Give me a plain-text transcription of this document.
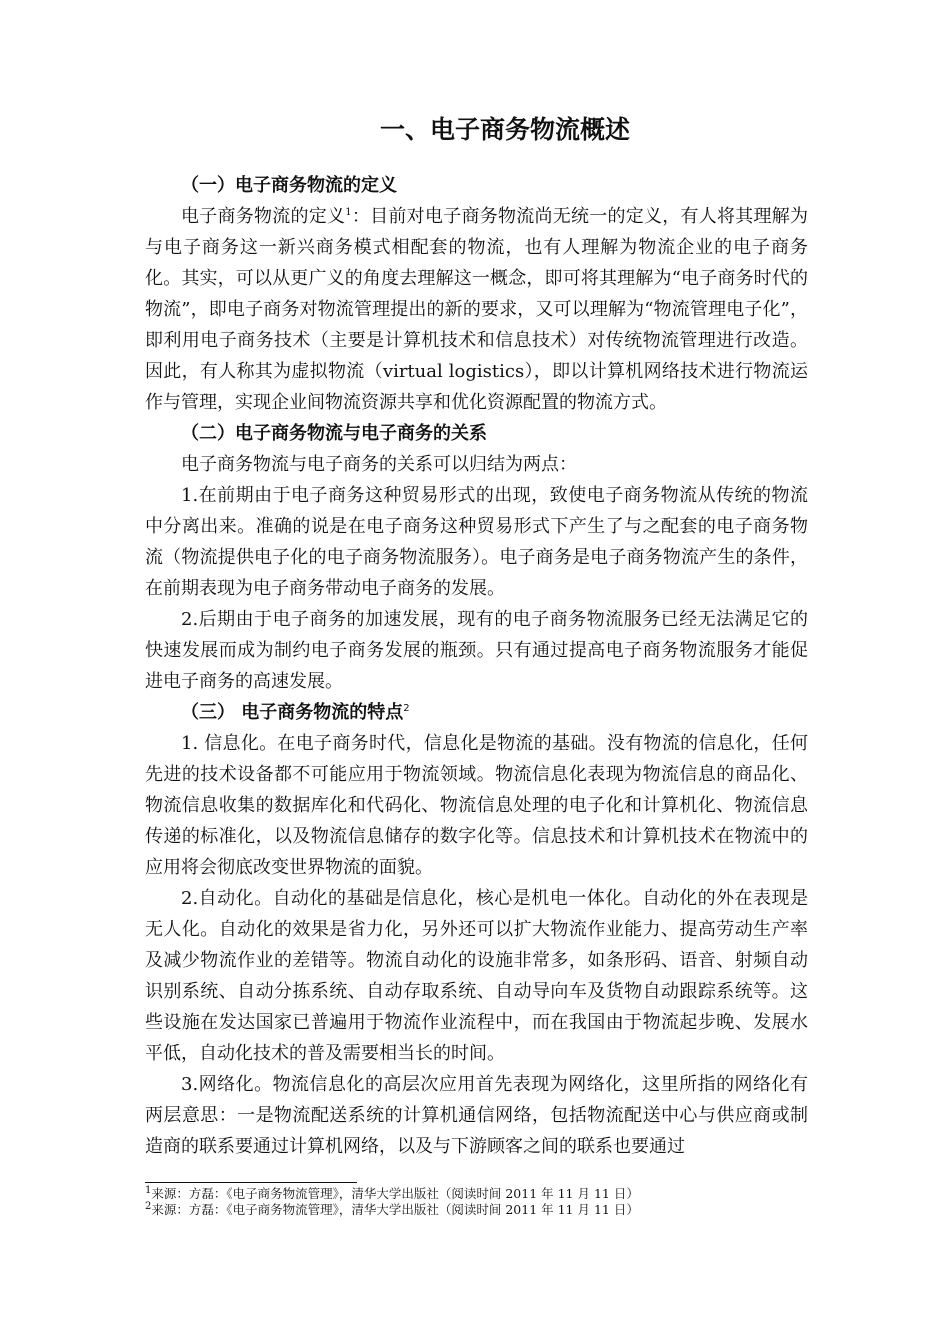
一、电子商务物流概述
（一）电子商务物流的定义

电子商务物流的定义$^1$：目前对电子商务物流尚无统一的定义，有人将其理解为与电子商务这一新兴商务模式相配套的物流，也有人理解为物流企业的电子商务化。其实，可以从更广义的角度去理解这一概念，即可将其理解为“电子商务时代的物流”，即电子商务对物流管理提出的新的要求，又可以理解为“物流管理电子化”，即利用电子商务技术（主要是计算机技术和信息技术）对传统物流管理进行改造。因此，有人称其为虚拟物流（virtual logistics），即以计算机网络技术进行物流运作与管理，实现企业间物流资源共享和优化资源配置的物流方式。

（二）电子商务物流与电子商务的关系

电子商务物流与电子商务的关系可以归结为两点：

1.在前期由于电子商务这种贸易形式的出现，致使电子商务物流从传统的物流中分离出来。准确的说是在电子商务这种贸易形式下产生了与之配套的电子商务物流（物流提供电子化的电子商务物流服务）。电子商务是电子商务物流产生的条件，在前期表现为电子商务带动电子商务的发展。

2.后期由于电子商务的加速发展，现有的电子商务物流服务已经无法满足它的快速发展而成为制约电子商务发展的瓶颈。只有通过提高电子商务物流服务才能促进电子商务的高速发展。

（三） 电子商务物流的特点$^2$

1. 信息化。在电子商务时代，信息化是物流的基础。没有物流的信息化，任何先进的技术设备都不可能应用于物流领域。物流信息化表现为物流信息的商品化、物流信息收集的数据库化和代码化、物流信息处理的电子化和计算机化、物流信息传递的标准化，以及物流信息储存的数字化等。信息技术和计算机技术在物流中的应用将会彻底改变世界物流的面貌。

2.自动化。自动化的基础是信息化，核心是机电一体化。自动化的外在表现是无人化。自动化的效果是省力化，另外还可以扩大物流作业能力、提高劳动生产率及减少物流作业的差错等。物流自动化的设施非常多，如条形码、语音、射频自动识别系统、自动分拣系统、自动存取系统、自动导向车及货物自动跟踪系统等。这些设施在发达国家已普遍用于物流作业流程中，而在我国由于物流起步晚、发展水平低，自动化技术的普及需要相当长的时间。

3.网络化。物流信息化的高层次应用首先表现为网络化，这里所指的网络化有两层意思：一是物流配送系统的计算机通信网络，包括物流配送中心与供应商或制造商的联系要通过计算机网络，以及与下游顾客之间的联系也要通过

$^1$来源：方磊：《电子商务物流管理》，清华大学出版社（阅读时间 2011 年 11 月 11 日）
$^2$来源：方磊：《电子商务物流管理》，清华大学出版社（阅读时间 2011 年 11 月 11 日）
